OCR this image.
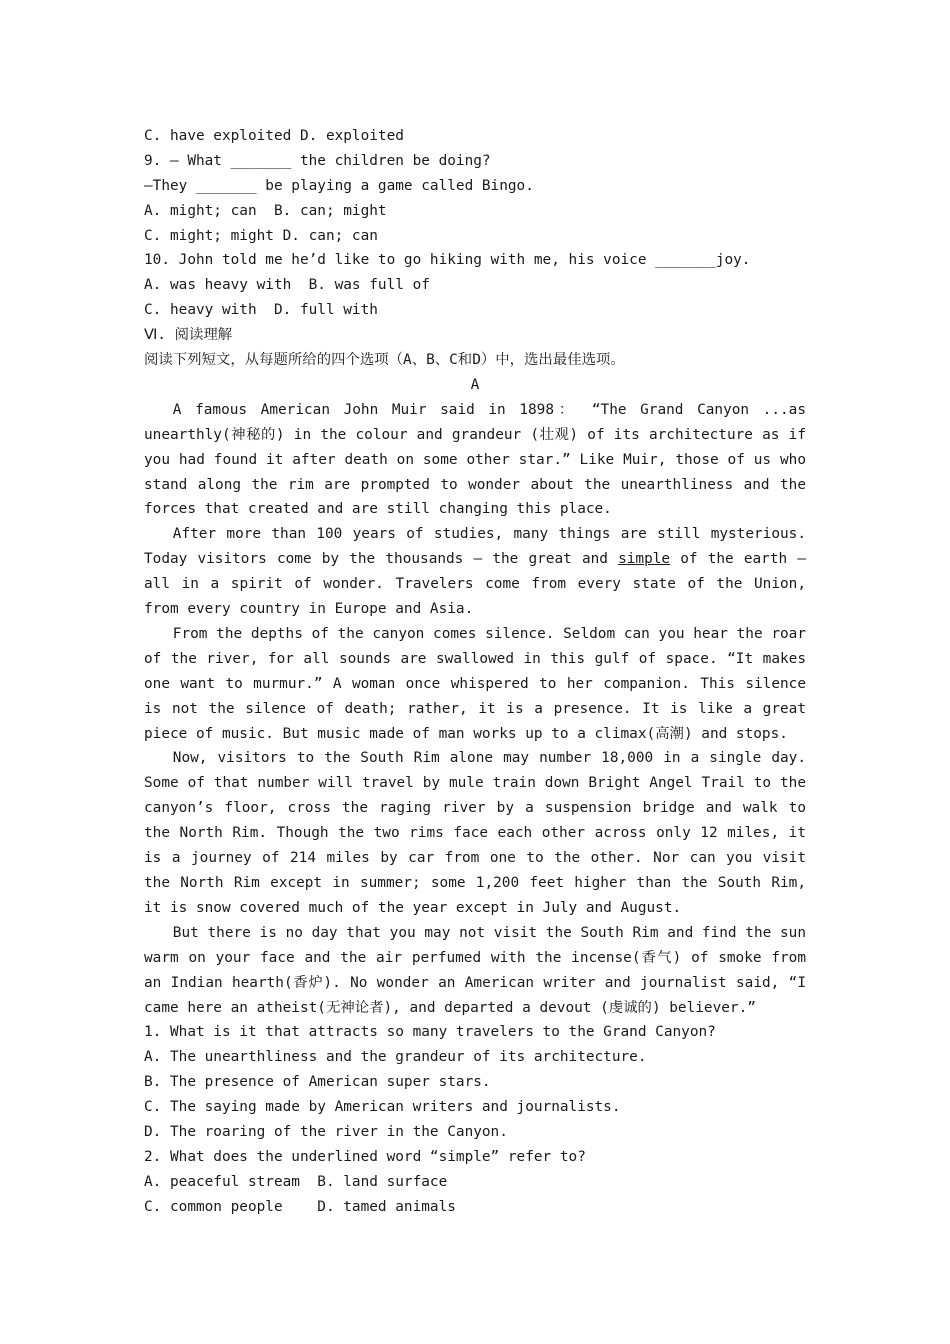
C. have exploited D. exploited
9. — What _______ the children be doing?
—They _______ be playing a game called Bingo.
A. might; can  B. can; might
C. might; might D. can; can
10. John told me he’d like to go hiking with me, his voice _______joy.
A. was heavy with  B. was full of
C. heavy with  D. full with
Ⅵ. 阅读理解
阅读下列短文，从每题所给的四个选项（A、B、C和D）中，选出最佳选项。
A
A famous American John Muir said in 1898： “The Grand Canyon ...as unearthly(神秘的) in the colour and grandeur (壮观) of its architecture as if you had found it after death on some other star.” Like Muir, those of us who stand along the rim are prompted to wonder about the unearthliness and the forces that created and are still changing this place.
After more than 100 years of studies, many things are still mysterious. Today visitors come by the thousands — the great and simple of the earth — all in a spirit of wonder. Travelers come from every state of the Union, from every country in Europe and Asia.
From the depths of the canyon comes silence. Seldom can you hear the roar of the river, for all sounds are swallowed in this gulf of space. “It makes one want to murmur.” A woman once whispered to her companion. This silence is not the silence of death; rather, it is a presence. It is like a great piece of music. But music made of man works up to a climax(高潮) and stops.
Now, visitors to the South Rim alone may number 18,000 in a single day. Some of that number will travel by mule train down Bright Angel Trail to the canyon’s floor, cross the raging river by a suspension bridge and walk to the North Rim. Though the two rims face each other across only 12 miles, it is a journey of 214 miles by car from one to the other. Nor can you visit the North Rim except in summer; some 1,200 feet higher than the South Rim, it is snow covered much of the year except in July and August.
But there is no day that you may not visit the South Rim and find the sun warm on your face and the air perfumed with the incense(香气) of smoke from an Indian hearth(香炉). No wonder an American writer and journalist said, “I came here an atheist(无神论者), and departed a devout (虔诚的) believer.”
1. What is it that attracts so many travelers to the Grand Canyon?
A. The unearthliness and the grandeur of its architecture.
B. The presence of American super stars.
C. The saying made by American writers and journalists.
D. The roaring of the river in the Canyon.
2. What does the underlined word “simple” refer to?
A. peaceful stream  B. land surface
C. common people    D. tamed animals
